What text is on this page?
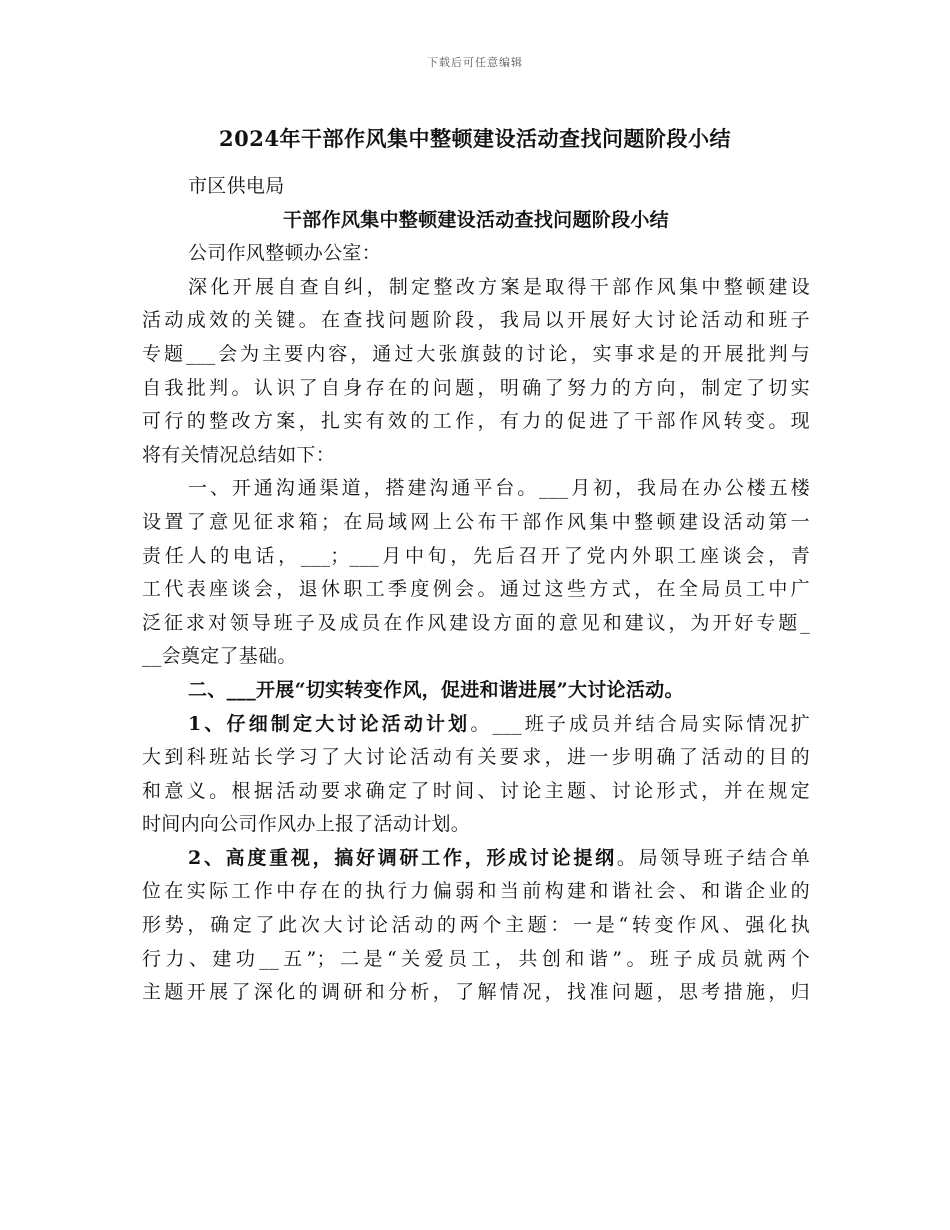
下载后可任意编辑
2024年干部作风集中整顿建设活动查找问题阶段小结
市区供电局
干部作风集中整顿建设活动查找问题阶段小结
公司作风整顿办公室：
深化开展自查自纠，制定整改方案是取得干部作风集中整顿建设
活动成效的关键。在查找问题阶段，我局以开展好大讨论活动和班子
专题___会为主要内容，通过大张旗鼓的讨论，实事求是的开展批判与
自我批判。认识了自身存在的问题，明确了努力的方向，制定了切实
可行的整改方案，扎实有效的工作，有力的促进了干部作风转变。现
将有关情况总结如下：
一、开通沟通渠道，搭建沟通平台。___月初，我局在办公楼五楼
设置了意见征求箱；在局域网上公布干部作风集中整顿建设活动第一
责任人的电话，___；___月中旬，先后召开了党内外职工座谈会，青
工代表座谈会，退休职工季度例会。通过这些方式，在全局员工中广
泛征求对领导班子及成员在作风建设方面的意见和建议，为开好专题_
__会奠定了基础。
二、___开展“切实转变作风，促进和谐进展”大讨论活动。
1、仔细制定大讨论活动计划。___班子成员并结合局实际情况扩
大到科班站长学习了大讨论活动有关要求，进一步明确了活动的目的
和意义。根据活动要求确定了时间、讨论主题、讨论形式，并在规定
时间内向公司作风办上报了活动计划。
2、高度重视，搞好调研工作，形成讨论提纲。局领导班子结合单
位在实际工作中存在的执行力偏弱和当前构建和谐社会、和谐企业的
形势，确定了此次大讨论活动的两个主题：一是“转变作风、强化执
行力、建功__五”；二是“关爱员工，共创和谐”。班子成员就两个
主题开展了深化的调研和分析，了解情况，找准问题，思考措施，归
